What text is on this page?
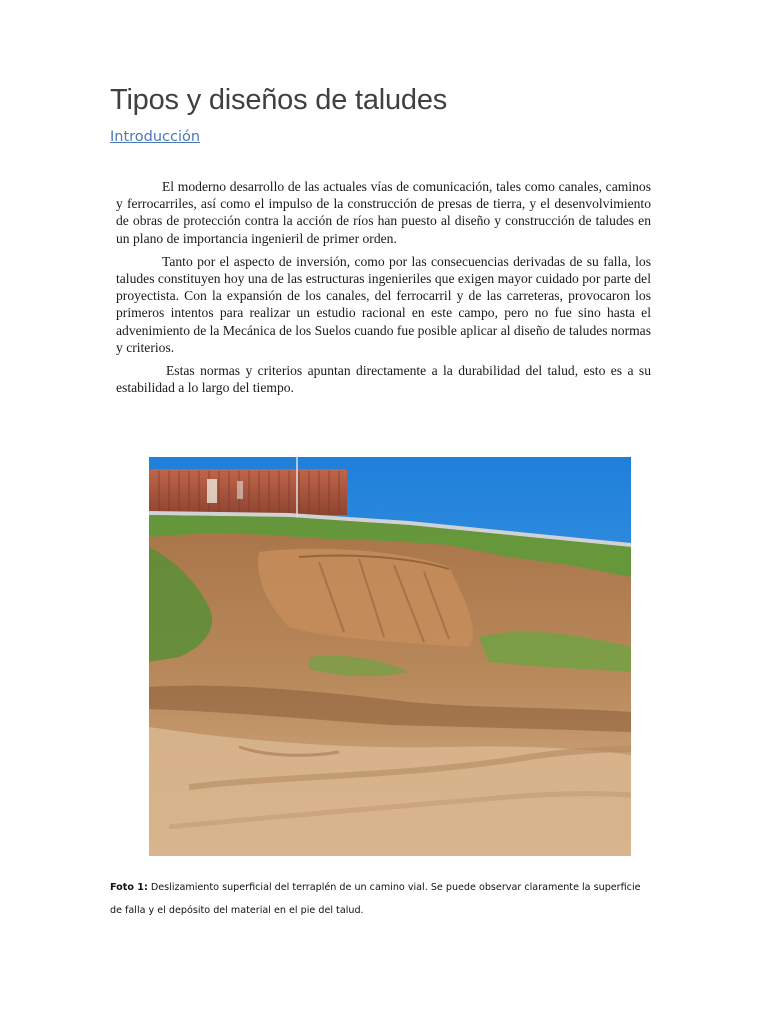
Tipos y diseños de taludes
Introducción

El moderno desarrollo de las actuales vías de comunicación, tales como canales, caminos y ferrocarriles, así como el impulso de la construcción de presas de tierra, y el desenvolvimiento de obras de protección contra la acción de ríos han puesto al diseño y construcción de taludes en un plano de importancia ingenieril de primer orden.

Tanto por el aspecto de inversión, como por las consecuencias derivadas de su falla, los taludes constituyen hoy una de las estructuras ingenieriles que exigen mayor cuidado por parte del proyectista. Con la expansión de los canales, del ferrocarril y de las carreteras, provocaron los primeros intentos para realizar un estudio racional en este campo, pero no fue sino hasta el advenimiento de la Mecánica de los Suelos cuando fue posible aplicar al diseño de taludes normas y criterios.

Estas normas y criterios apuntan directamente a la durabilidad del talud, esto es a su estabilidad a lo largo del tiempo.

Foto 1: Deslizamiento superficial del terraplén de un camino vial. Se puede observar claramente la superficie de falla y el depósito del material en el pie del talud.
